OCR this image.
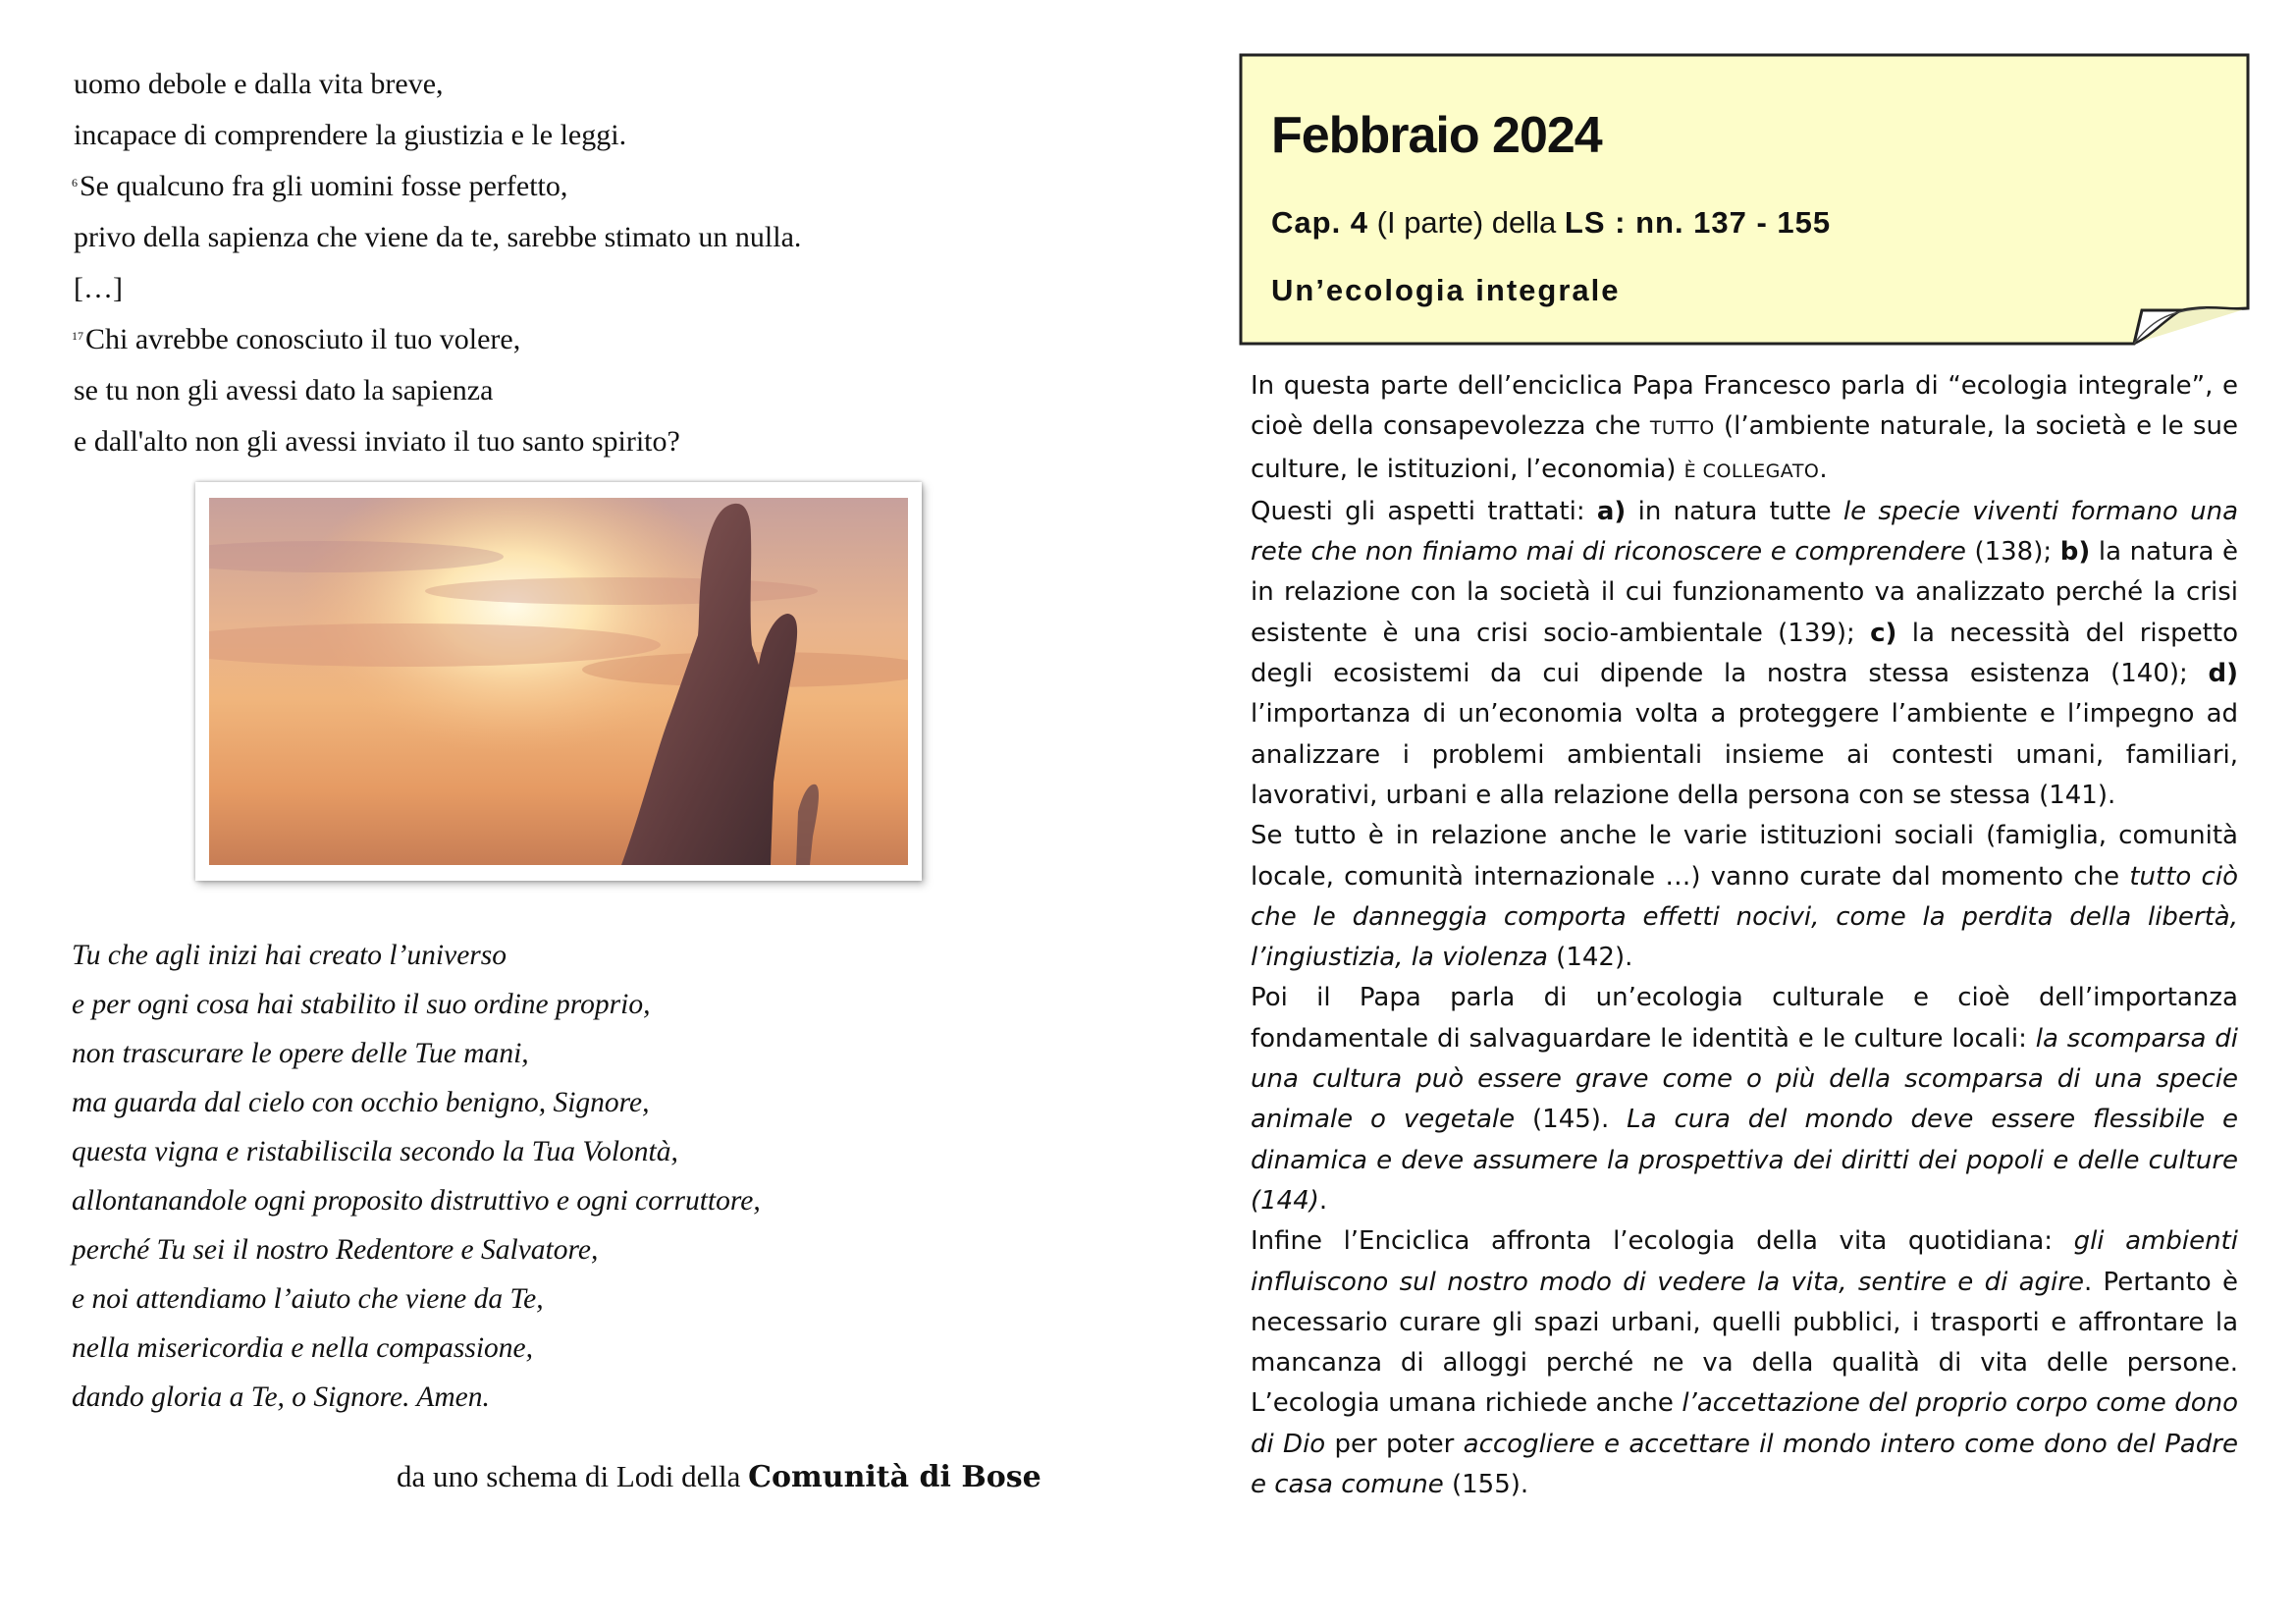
uomo debole e dalla vita breve,
incapace di comprendere la giustizia e le leggi.
$^6$Se qualcuno fra gli uomini fosse perfetto,
privo della sapienza che viene da te, sarebbe stimato un nulla.
[…]
$^{17}$Chi avrebbe conosciuto il tuo volere,
se tu non gli avessi dato la sapienza
e dall'alto non gli avessi inviato il tuo santo spirito?
Tu che agli inizi hai creato l’universo
e per ogni cosa hai stabilito il suo ordine proprio,
non trascurare le opere delle Tue mani,
ma guarda dal cielo con occhio benigno, Signore,
questa vigna e ristabiliscila secondo la Tua Volontà,
allontanandole ogni proposito distruttivo e ogni corruttore,
perché Tu sei il nostro Redentore e Salvatore,
e noi attendiamo l’aiuto che viene da Te,
nella misericordia e nella compassione,
dando gloria a Te, o Signore. Amen.
da uno schema di Lodi della Comunità di Bose
Febbraio 2024
Cap. 4 (I parte) della LS : nn. 137 - 155
Un’ecologia integrale

In questa parte dell’enciclica Papa Francesco parla di “ecologia integrale”, e cioè della consapevolezza che TUTTO (l’ambiente naturale, la società e le sue culture, le istituzioni, l’economia) È COLLEGATO.

Questi gli aspetti trattati: a) in natura tutte le specie viventi formano una rete che non finiamo mai di riconoscere e comprendere (138); b) la natura è in relazione con la società il cui funzionamento va analizzato perché la crisi esistente è una crisi socio-ambientale (139); c) la necessità del rispetto degli ecosistemi da cui dipende la nostra stessa esistenza (140); d) l’importanza di un’economia volta a proteggere l’ambiente e l’impegno ad analizzare i problemi ambientali insieme ai contesti umani, familiari, lavorativi, urbani e alla relazione della persona con se stessa (141).

Se tutto è in relazione anche le varie istituzioni sociali (famiglia, comunità locale, comunità internazionale …) vanno curate dal momento che tutto ciò che le danneggia comporta effetti nocivi, come la perdita della libertà, l’ingiustizia, la violenza (142).

Poi il Papa parla di un’ecologia culturale e cioè dell’importanza fondamentale di salvaguardare le identità e le culture locali: la scomparsa di una cultura può essere grave come o più della scomparsa di una specie animale o vegetale (145). La cura del mondo deve essere flessibile e dinamica e deve assumere la prospettiva dei diritti dei popoli e delle culture (144).

Infine l’Enciclica affronta l’ecologia della vita quotidiana: gli ambienti influiscono sul nostro modo di vedere la vita, sentire e di agire. Pertanto è necessario curare gli spazi urbani, quelli pubblici, i trasporti e affrontare la mancanza di alloggi perché ne va della qualità di vita delle persone. L’ecologia umana richiede anche l’accettazione del proprio corpo come dono di Dio per poter accogliere e accettare il mondo intero come dono del Padre e casa comune (155).
